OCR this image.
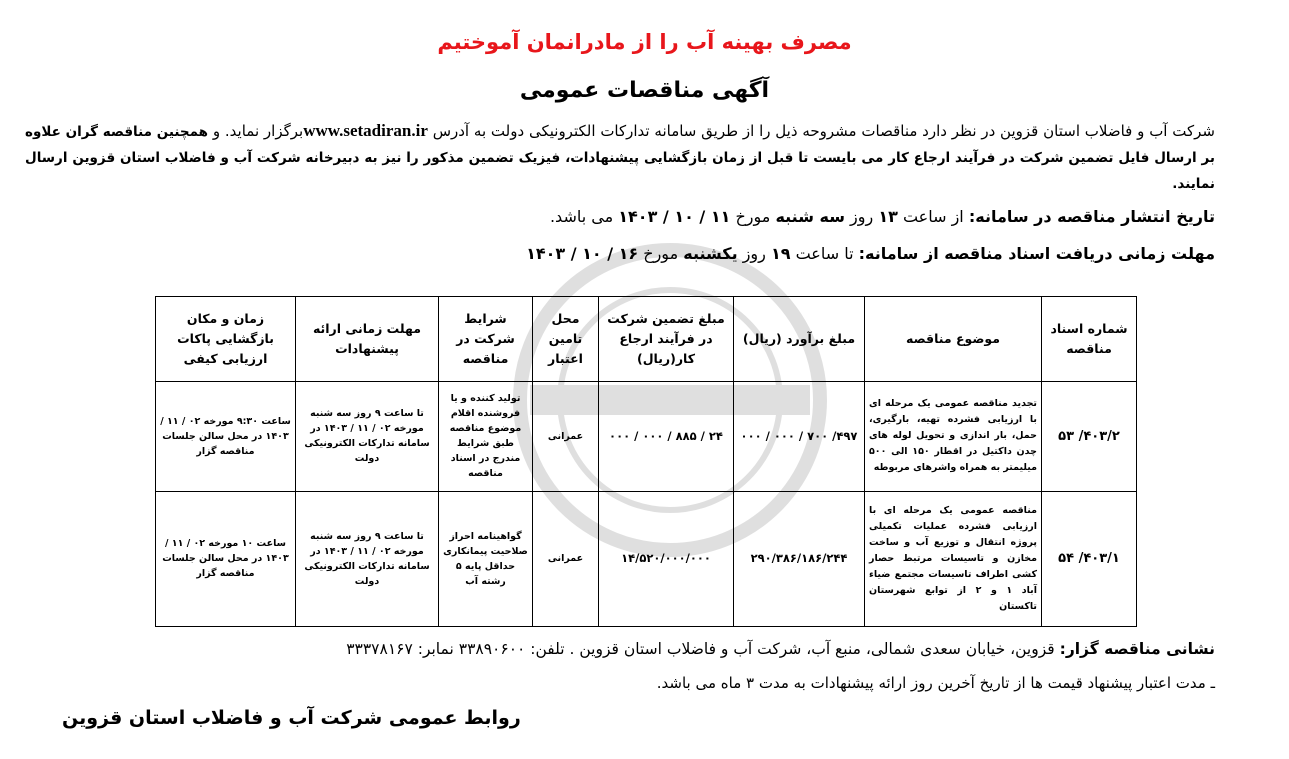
مصرف بهینه آب را از مادرانمان آموختیم
آگهی مناقصات عمومی
شرکت آب و فاضلاب استان قزوین در نظر دارد مناقصات مشروحه ذیل را از طریق سامانه تدارکات الکترونیکی دولت به آدرس www.setadiran.irبرگزار نماید. و همچنین مناقصه گران علاوه بر ارسال فایل تضمین شرکت در فرآیند ارجاع کار می بایست تا قبل از زمان بازگشایی پیشنهادات، فیزیک تضمین مذکور را نیز به دبیرخانه شرکت آب و فاضلاب استان قزوین ارسال نمایند.
تاریخ انتشار مناقصه در سامانه: از ساعت ۱۳ روز سه شنبه مورخ ۱۱ / ۱۰ / ۱۴۰۳ می باشد.
مهلت زمانی دریافت اسناد مناقصه از سامانه: تا ساعت ۱۹ روز یکشنبه مورخ ۱۶ / ۱۰ / ۱۴۰۳
شماره اسناد مناقصه	موضوع مناقصه	مبلغ برآورد (ریال)	مبلغ تضمین شرکت در فرآیند ارجاع کار(ریال)	محل تامین اعتبار	شرایط شرکت در مناقصه	مهلت زمانی ارائه پیشنهادات	زمان و مکان بازگشایی پاکات ارزیابی کیفی
۴۰۳/۲/ ۵۳	تجدید مناقصه عمومی یک مرحله ای با ارزیابی فشرده تهیه، بارگیری، حمل، بار اندازی و تحویل لوله های چدن داکتیل در اقطار ۱۵۰ الی ۵۰۰ میلیمتر به همراه واشرهای مربوطه	۴۹۷/ ۷۰۰ / ۰۰۰ / ۰۰۰	۲۴ / ۸۸۵ / ۰۰۰ / ۰۰۰	عمرانی	تولید کننده و یا فروشنده اقلام موضوع مناقصه طبق شرایط مندرج در اسناد مناقصه	تا ساعت ۹ روز سه شنبه مورخه ۰۲ / ۱۱ / ۱۴۰۳ در سامانه تدارکات الکترونیکی دولت	ساعت ۹:۳۰ مورخه ۰۲ / ۱۱ / ۱۴۰۳ در محل سالن جلسات مناقصه گزار
۴۰۳/۱/ ۵۴	مناقصه عمومی یک مرحله ای با ارزیابی فشرده عملیات تکمیلی پروژه انتقال و توزیع آب و ساخت مخازن و تاسیسات مرتبط حصار کشی اطراف تاسیسات مجتمع ضیاء آباد ۱ و ۲ از توابع شهرستان تاکستان	۲۹۰/۳۸۶/۱۸۶/۲۴۴	۱۴/۵۲۰/۰۰۰/۰۰۰	عمرانی	گواهینامه احراز صلاحیت پیمانکاری حداقل پایه ۵ رشته آب	تا ساعت ۹ روز سه شنبه مورخه ۰۲ / ۱۱ / ۱۴۰۳ در سامانه تدارکات الکترونیکی دولت	ساعت ۱۰ مورخه ۰۲ / ۱۱ / ۱۴۰۳ در محل سالن جلسات مناقصه گزار
نشانی مناقصه گزار: قزوین، خیابان سعدی شمالی، منبع آب، شرکت آب و فاضلاب استان قزوین . تلفن: ۳۳۸۹۰۶۰۰ نمابر: ۳۳۳۷۸۱۶۷
ـ مدت اعتبار پیشنهاد قیمت ها از تاریخ آخرین روز ارائه پیشنهادات به مدت ۳ ماه می باشد.
روابط عمومی شرکت آب و فاضلاب استان قزوین
